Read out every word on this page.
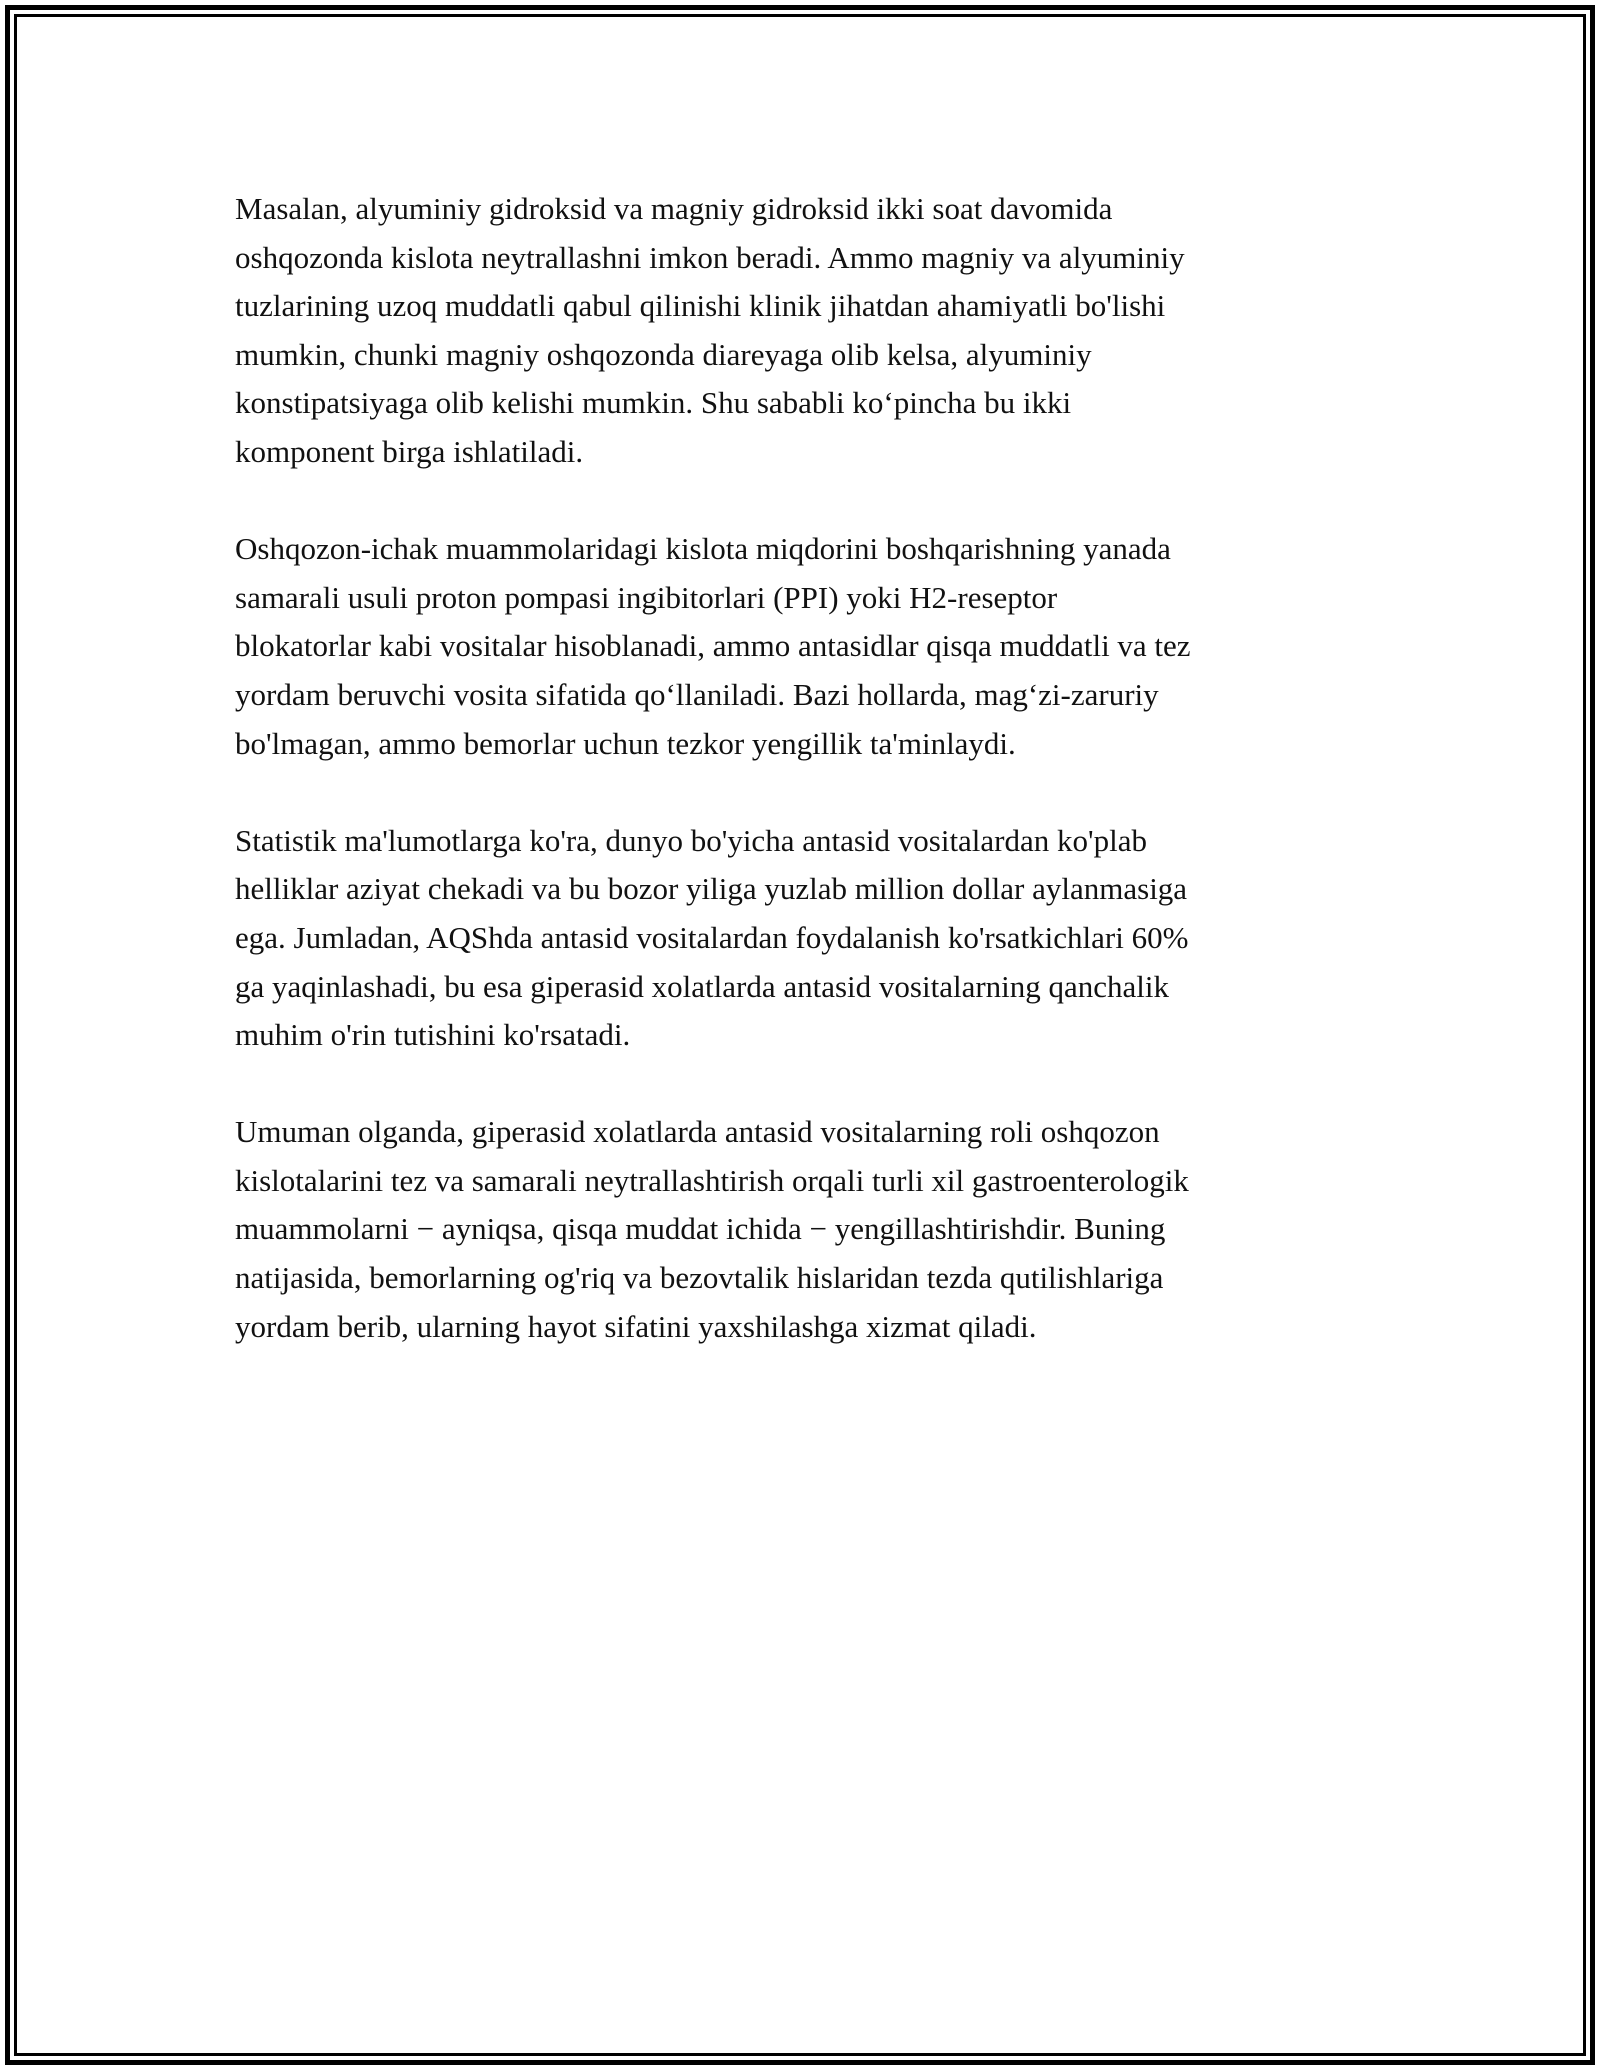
Masalan, alyuminiy gidroksid va magniy gidroksid ikki soat davomida
oshqozonda kislota neytrallashni imkon beradi. Ammo magniy va alyuminiy
tuzlarining uzoq muddatli qabul qilinishi klinik jihatdan ahamiyatli bo'lishi
mumkin, chunki magniy oshqozonda diareyaga olib kelsa, alyuminiy
konstipatsiyaga olib kelishi mumkin. Shu sababli ko‘pincha bu ikki
komponent birga ishlatiladi.

Oshqozon-ichak muammolaridagi kislota miqdorini boshqarishning yanada
samarali usuli proton pompasi ingibitorlari (PPI) yoki H2-reseptor
blokatorlar kabi vositalar hisoblanadi, ammo antasidlar qisqa muddatli va tez
yordam beruvchi vosita sifatida qo‘llaniladi. Bazi hollarda, mag‘zi-zaruriy
bo'lmagan, ammo bemorlar uchun tezkor yengillik ta'minlaydi.

Statistik ma'lumotlarga ko'ra, dunyo bo'yicha antasid vositalardan ko'plab
helliklar aziyat chekadi va bu bozor yiliga yuzlab million dollar aylanmasiga
ega. Jumladan, AQShda antasid vositalardan foydalanish ko'rsatkichlari 60%
ga yaqinlashadi, bu esa giperasid xolatlarda antasid vositalarning qanchalik
muhim o'rin tutishini ko'rsatadi.

Umuman olganda, giperasid xolatlarda antasid vositalarning roli oshqozon
kislotalarini tez va samarali neytrallashtirish orqali turli xil gastroenterologik
muammolarni − ayniqsa, qisqa muddat ichida − yengillashtirishdir. Buning
natijasida, bemorlarning og'riq va bezovtalik hislaridan tezda qutilishlariga
yordam berib, ularning hayot sifatini yaxshilashga xizmat qiladi.
